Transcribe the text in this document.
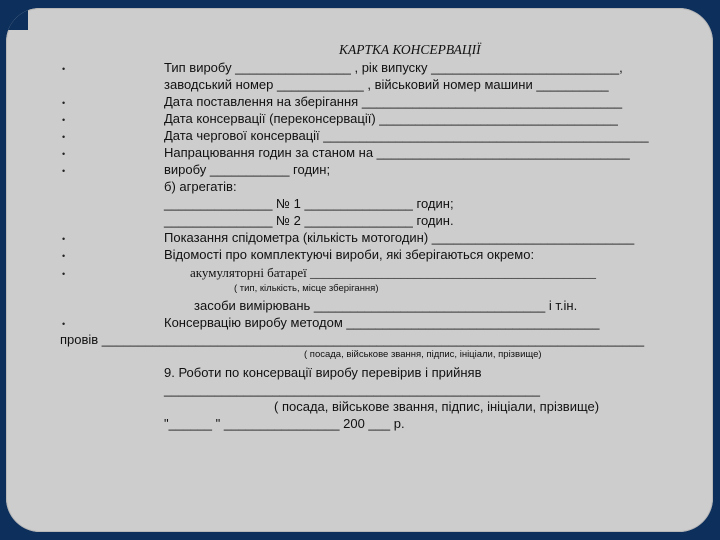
КАРТКА КОНСЕРВАЦІЇ
•
•
•
•
•
•
•
•
•
•
Тип виробу ________________ , рік випуску __________________________,
заводський номер ____________ , військовий номер машини __________
Дата поставлення на зберігання ____________________________________
Дата консервації (переконсервації) _________________________________
Дата чергової консервації _____________________________________________
Напрацювання годин за станом на ___________________________________
виробу ___________ годин;
б) агрегатів:
_______________ № 1 _______________ годин;
_______________ № 2 _______________ годин.
Показання спідометра (кількість мотогодин) ____________________________
Відомості про комплектуючі вироби, які зберігаються окремо:
акумуляторні батареї ____________________________________________
( тип, кількість, місце зберігання)
засоби вимірювань ________________________________ і т.ін.
Консервацію виробу методом ___________________________________
провів ___________________________________________________________________________
( посада, військове звання, підпис, ініціали, прізвище)
9. Роботи по консервації виробу перевірив і прийняв
____________________________________________________
( посада, військове звання, підпис, ініціали, прізвище)
"______ " ________________ 200 ___ р.
